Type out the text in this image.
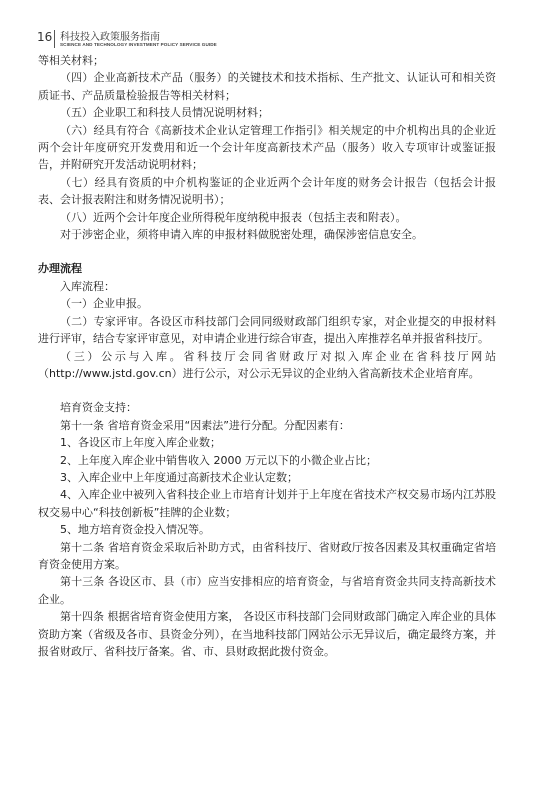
16 科技投入政策服务指南
SCIENCE AND TECHNOLOGY INVESTMENT POLICY SERVICE GUIDE

等相关材料；

（四）企业高新技术产品（服务）的关键技术和技术指标、生产批文、认证认可和相关资质证书、产品质量检验报告等相关材料；

（五）企业职工和科技人员情况说明材料；

（六）经具有符合《高新技术企业认定管理工作指引》相关规定的中介机构出具的企业近两个会计年度研究开发费用和近一个会计年度高新技术产品（服务）收入专项审计或鉴证报告，并附研究开发活动说明材料；

（七）经具有资质的中介机构鉴证的企业近两个会计年度的财务会计报告（包括会计报表、会计报表附注和财务情况说明书）；

（八）近两个会计年度企业所得税年度纳税申报表（包括主表和附表）。

对于涉密企业，须将申请入库的申报材料做脱密处理，确保涉密信息安全。

办理流程

入库流程：

（一）企业申报。

（二）专家评审。各设区市科技部门会同同级财政部门组织专家，对企业提交的申报材料进行评审，结合专家评审意见，对申请企业进行综合审查，提出入库推荐名单并报省科技厅。

（三）公示与入库。省科技厅会同省财政厅对拟入库企业在省科技厅网站（http://www.jstd.gov.cn）进行公示，对公示无异议的企业纳入省高新技术企业培育库。

培育资金支持：

第十一条 省培育资金采用“因素法”进行分配。分配因素有：

1、各设区市上年度入库企业数；

2、上年度入库企业中销售收入 2000 万元以下的小微企业占比；

3、入库企业中上年度通过高新技术企业认定数；

4、入库企业中被列入省科技企业上市培育计划并于上年度在省技术产权交易市场内江苏股权交易中心“科技创新板”挂牌的企业数；

5、地方培育资金投入情况等。

第十二条 省培育资金采取后补助方式，由省科技厅、省财政厅按各因素及其权重确定省培育资金使用方案。

第十三条 各设区市、县（市）应当安排相应的培育资金，与省培育资金共同支持高新技术企业。

第十四条 根据省培育资金使用方案， 各设区市科技部门会同财政部门确定入库企业的具体资助方案（省级及各市、县资金分列），在当地科技部门网站公示无异议后，确定最终方案，并报省财政厅、省科技厅备案。省、市、县财政据此拨付资金。
